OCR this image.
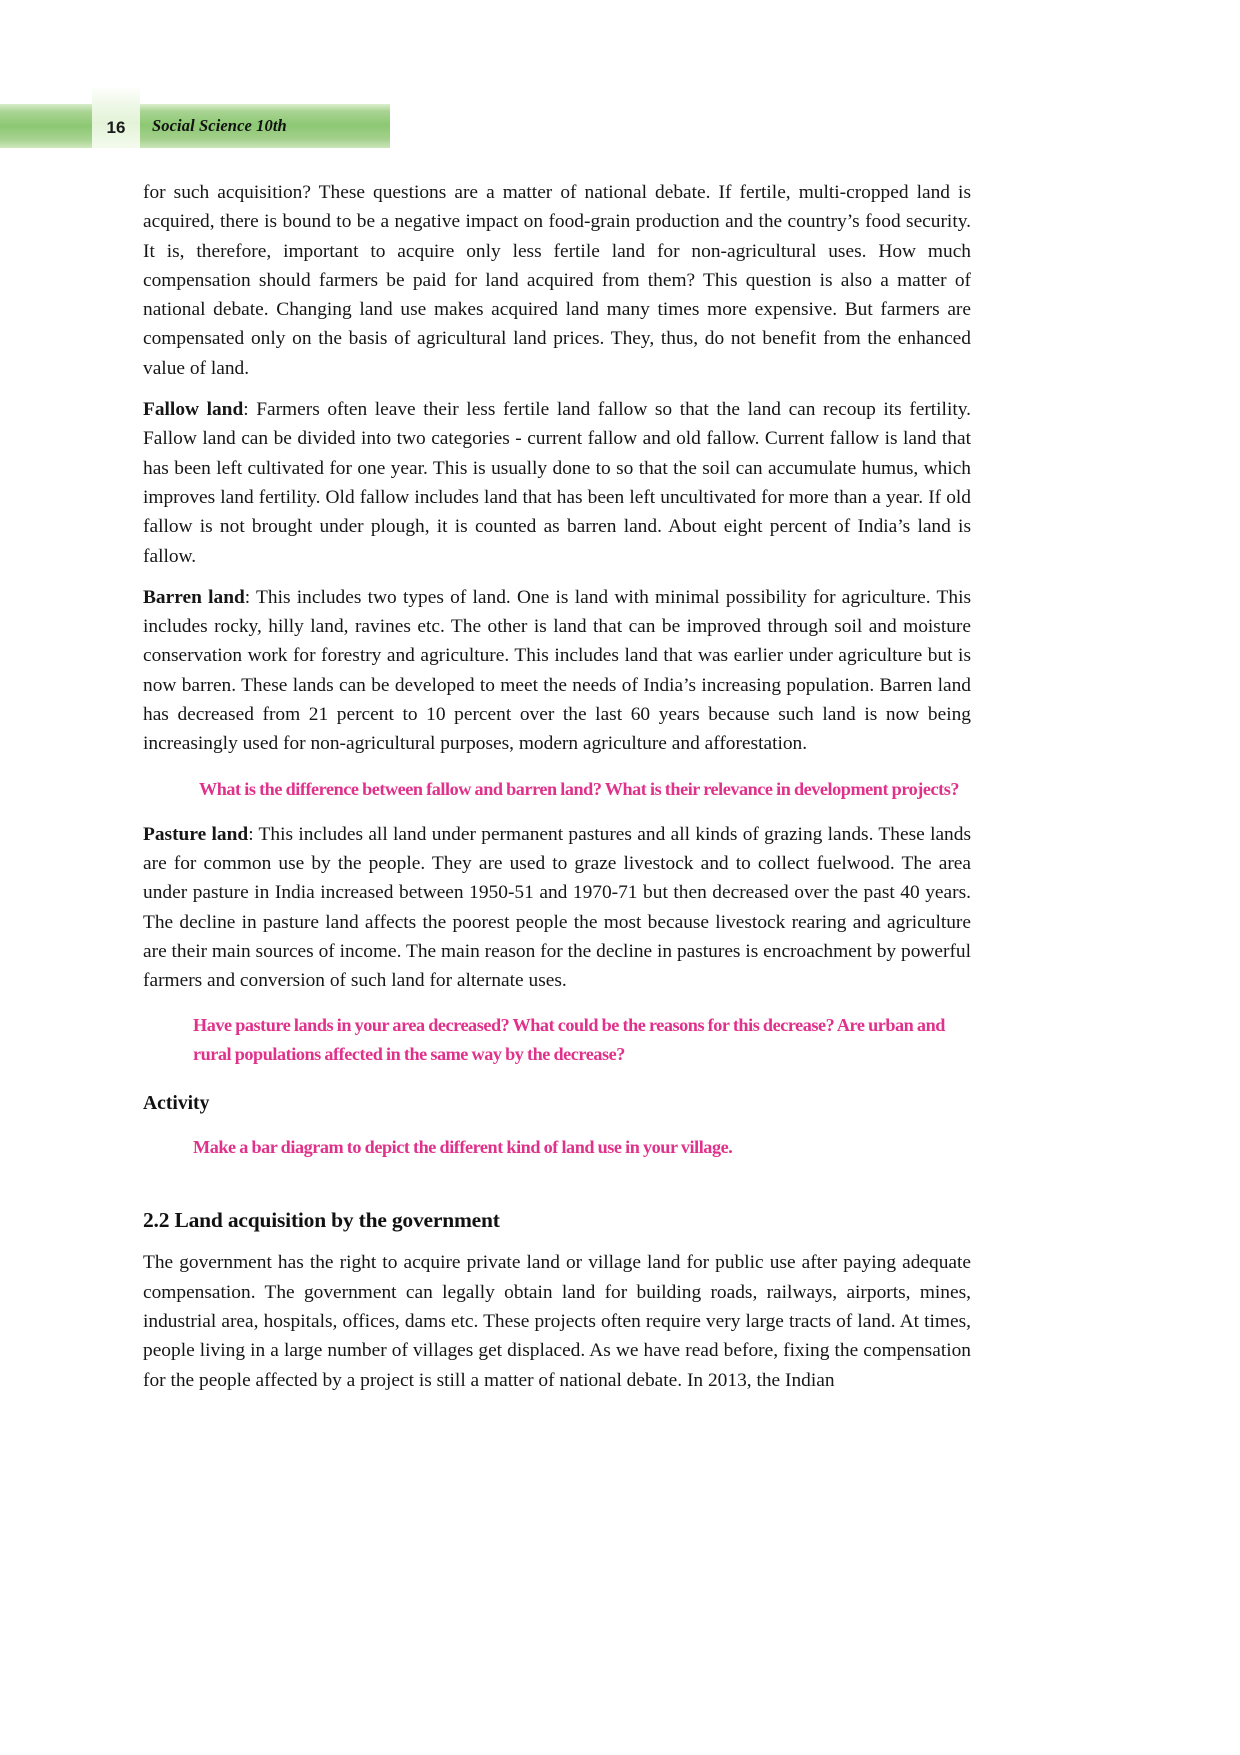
16 Social Science 10th

for such acquisition? These questions are a matter of national debate. If fertile, multi-cropped land is acquired, there is bound to be a negative impact on food-grain production and the country’s food security. It is, therefore, important to acquire only less fertile land for non-agricultural uses. How much compensation should farmers be paid for land acquired from them? This question is also a matter of national debate. Changing land use makes acquired land many times more expensive. But farmers are compensated only on the basis of agricultural land prices. They, thus, do not benefit from the enhanced value of land.

Fallow land: Farmers often leave their less fertile land fallow so that the land can recoup its fertility. Fallow land can be divided into two categories - current fallow and old fallow. Current fallow is land that has been left cultivated for one year. This is usually done to so that the soil can accumulate humus, which improves land fertility. Old fallow includes land that has been left uncultivated for more than a year. If old fallow is not brought under plough, it is counted as barren land. About eight percent of India’s land is fallow.

Barren land: This includes two types of land. One is land with minimal possibility for agriculture. This includes rocky, hilly land, ravines etc. The other is land that can be improved through soil and moisture conservation work for forestry and agriculture. This includes land that was earlier under agriculture but is now barren. These lands can be developed to meet the needs of India’s increasing population. Barren land has decreased from 21 percent to 10 percent over the last 60 years because such land is now being increasingly used for non-agricultural purposes, modern agriculture and afforestation.

What is the difference between fallow and barren land? What is their relevance in development projects?

Pasture land: This includes all land under permanent pastures and all kinds of grazing lands. These lands are for common use by the people. They are used to graze livestock and to collect fuelwood. The area under pasture in India increased between 1950-51 and 1970-71 but then decreased over the past 40 years. The decline in pasture land affects the poorest people the most because livestock rearing and agriculture are their main sources of income. The main reason for the decline in pastures is encroachment by powerful farmers and conversion of such land for alternate uses.

Have pasture lands in your area decreased? What could be the reasons for this decrease? Are urban and rural populations affected in the same way by the decrease?

Activity

Make a bar diagram to depict the different kind of land use in your village.
2.2 Land acquisition by the government

The government has the right to acquire private land or village land for public use after paying adequate compensation. The government can legally obtain land for building roads, railways, airports, mines, industrial area, hospitals, offices, dams etc. These projects often require very large tracts of land. At times, people living in a large number of villages get displaced. As we have read before, fixing the compensation for the people affected by a project is still a matter of national debate. In 2013, the Indian
